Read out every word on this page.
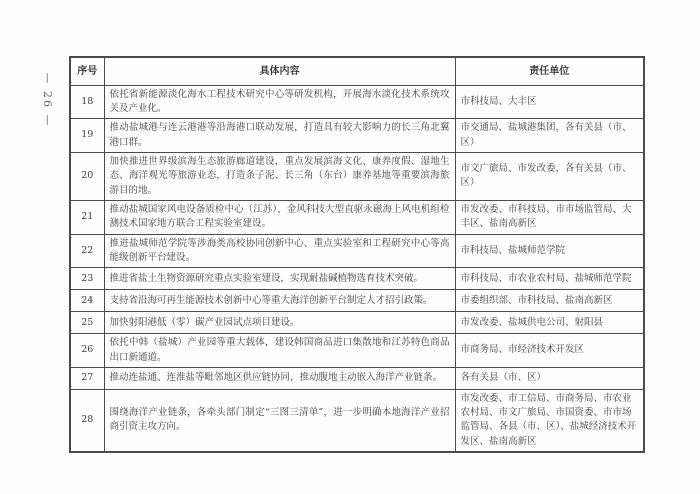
— 26 —
序号	具体内容	责任单位
18	依托省新能源淡化海水工程技术研究中心等研发机构，开展海水淡化技术系统攻关及产业化。	市科技局、大丰区
19	推动盐城港与连云港港等沿海港口联动发展，打造具有较大影响力的长三角北翼港口群。	市交通局、盐城港集团，各有关县（市、区）
20	加快推进世界级滨海生态旅游廊道建设，重点发展滨海文化、康养度假、湿地生态、海洋观光等旅游业态，打造条子泥、长三角（东台）康养基地等重要滨海旅游目的地。	市文广旅局、市发改委，各有关县（市、区）
21	推动盐城国家风电设备质检中心（江苏）、金风科技大型直驱永磁海上风电机组检测技术国家地方联合工程实验室建设。	市发改委、市科技局、市市场监管局、大丰区、盐南高新区
22	推进盐城师范学院等涉海类高校协同创新中心、重点实验室和工程研究中心等高能级创新平台建设。	市科技局、盐城师范学院
23	推进省盐土生物资源研究重点实验室建设，实现耐盐碱植物选育技术突破。	市科技局、市农业农村局、盐城师范学院
24	支持省沿海可再生能源技术创新中心等重大海洋创新平台制定人才招引政策。	市委组织部、市科技局、盐南高新区
25	加快射阳港低（零）碳产业园试点项目建设。	市发改委、盐城供电公司、射阳县
26	依托中韩（盐城）产业园等重大载体，建设韩国商品进口集散地和江苏特色商品出口新通道。	市商务局、市经济技术开发区
27	推动连盐通、连淮盐等毗邻地区供应链协同，推动腹地主动嵌入海洋产业链条。	各有关县（市、区）
28	围绕海洋产业链条，各牵头部门制定“三图三清单”，进一步明确本地海洋产业招商引资主攻方向。	市发改委、市工信局、市商务局、市农业农村局、市文广旅局、市国资委、市市场监管局、各县（市、区）、盐城经济技术开发区、盐南高新区
